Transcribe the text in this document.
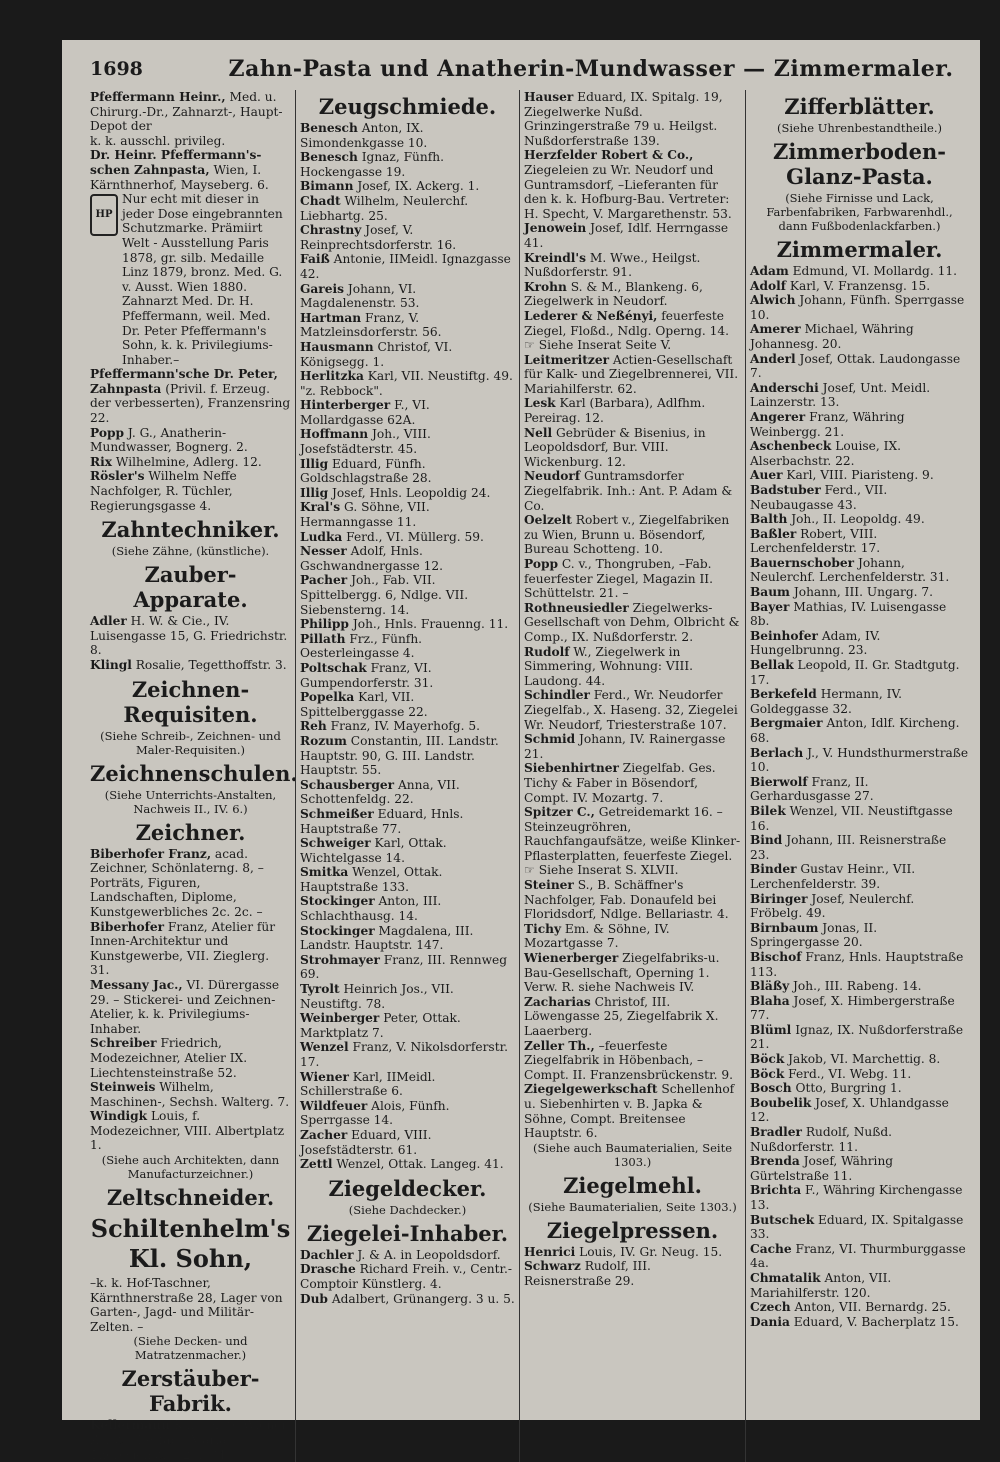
1698	Zahn-Pasta und Anatherin-Mundwasser — Zimmermaler.

Pfeffermann Heinr., Med. u. Chirurg.-Dr., Zahnarzt-, Haupt-Depot der

k. k. ausschl. privileg.

Dr. Heinr. Pfeffermann's-schen Zahnpasta, Wien, I. Kärnthnerhof, Mayseberg. 6.

HP
Nur echt mit dieser in jeder Dose eingebrannten Schutzmarke. Prämiirt Welt - Ausstellung Paris 1878, gr. silb. Medaille Linz 1879, bronz. Med. G. v. Ausst. Wien 1880. Zahnarzt Med. Dr. H. Pfeffermann, weil. Med. Dr. Peter Pfeffermann's Sohn, k. k. Privilegiums-Inhaber.–

Pfeffermann'sche Dr. Peter, Zahnpasta (Privil. f. Erzeug. der verbesserten), Franzensring 22.

Popp J. G., Anatherin-Mundwasser, Bognerg. 2.

Rix Wilhelmine, Adlerg. 12.

Rösler's Wilhelm Neffe Nachfolger, R. Tüchler, Regierungsgasse 4.

Zahntechniker.
(Siehe Zähne, (künstliche).
Zauber-Apparate.

Adler H. W. & Cie., IV. Luisengasse 15, G. Friedrichstr. 8.

Klingl Rosalie, Tegetthoffstr. 3.

Zeichnen-Requisiten.
(Siehe Schreib-, Zeichnen- und Maler-Requisiten.)
Zeichnenschulen.
(Siehe Unterrichts-Anstalten, Nachweis II., IV. 6.)
Zeichner.

Biberhofer Franz, acad. Zeichner, Schönlaterng. 8, –Porträts, Figuren, Landschaften, Diplome, Kunstgewerbliches 2c. 2c. –

Biberhofer Franz, Atelier für Innen-Architektur und Kunstgewerbe, VII. Zieglerg. 31.

Messany Jac., VI. Dürergasse 29. – Stickerei- und Zeichnen-Atelier, k. k. Privilegiums-Inhaber.

Schreiber Friedrich, Modezeichner, Atelier IX. Liechtensteinstraße 52.

Steinweis Wilhelm, Maschinen-, Sechsh. Walterg. 7.

Windigk Louis, f. Modezeichner, VIII. Albertplatz 1.

(Siehe auch Architekten, dann Manufacturzeichner.)
Zeltschneider.
Schiltenhelm's Kl. Sohn,

–k. k. Hof-Taschner, Kärnthnerstraße 28, Lager von Garten-, Jagd- und Militär-Zelten. –

(Siehe Decken- und Matratzenmacher.)
Zerstäuber-Fabrik.

Kellermann Karl, erste Wiener Zerstäuberfab., Maria-Theresienstr. 32 u. 34.

Zeugschmiede.

Benesch Anton, IX. Simondenkgasse 10.

Benesch Ignaz, Fünfh. Hockengasse 19.

Bimann Josef, IX. Ackerg. 1.

Chadt Wilhelm, Neulerchf. Liebhartg. 25.

Chrastny Josef, V. Reinprechtsdorferstr. 16.

Faiß Antonie, IIMeidl. Ignazgasse 42.

Gareis Johann, VI. Magdalenenstr. 53.

Hartman Franz, V. Matzleinsdorferstr. 56.

Hausmann Christof, VI. Königsegg. 1.

Herlitzka Karl, VII. Neustiftg. 49. "z. Rebbock".

Hinterberger F., VI. Mollardgasse 62A.

Hoffmann Joh., VIII. Josefstädterstr. 45.

Illig Eduard, Fünfh. Goldschlagstraße 28.

Illig Josef, Hnls. Leopoldig 24.

Kral's G. Söhne, VII. Hermanngasse 11.

Ludka Ferd., VI. Müllerg. 59.

Nesser Adolf, Hnls. Gschwandnergasse 12.

Pacher Joh., Fab. VII. Spittelbergg. 6, Ndlge. VII. Siebensterng. 14.

Philipp Joh., Hnls. Frauenng. 11.

Pillath Frz., Fünfh. Oesterleingasse 4.

Poltschak Franz, VI. Gumpendorferstr. 31.

Popelka Karl, VII. Spittelberggasse 22.

Reh Franz, IV. Mayerhofg. 5.

Rozum Constantin, III. Landstr. Hauptstr. 90, G. III. Landstr. Hauptstr. 55.

Schausberger Anna, VII. Schottenfeldg. 22.

Schmeißer Eduard, Hnls. Hauptstraße 77.

Schweiger Karl, Ottak. Wichtelgasse 14.

Smitka Wenzel, Ottak. Hauptstraße 133.

Stockinger Anton, III. Schlachthausg. 14.

Stockinger Magdalena, III. Landstr. Hauptstr. 147.

Strohmayer Franz, III. Rennweg 69.

Tyrolt Heinrich Jos., VII. Neustiftg. 78.

Weinberger Peter, Ottak. Marktplatz 7.

Wenzel Franz, V. Nikolsdorferstr. 17.

Wiener Karl, IIMeidl. Schillerstraße 6.

Wildfeuer Alois, Fünfh. Sperrgasse 14.

Zacher Eduard, VIII. Josefstädterstr. 61.

Zettl Wenzel, Ottak. Langeg. 41.

Ziegeldecker.
(Siehe Dachdecker.)
Ziegelei-Inhaber.

Dachler J. & A. in Leopoldsdorf.

Drasche Richard Freih. v., Centr.-Comptoir Künstlerg. 4.

Dub Adalbert, Grünangerg. 3 u. 5.

Hauser Eduard, IX. Spitalg. 19, Ziegelwerke Nußd. Grinzingerstraße 79 u. Heilgst. Nußdorferstraße 139.

Herzfelder Robert & Co., Ziegeleien zu Wr. Neudorf und Guntramsdorf, –Lieferanten für den k. k. Hofburg-Bau. Vertreter: H. Specht, V. Margarethenstr. 53.

Jenowein Josef, Idlf. Herrngasse 41.

Kreindl's M. Wwe., Heilgst. Nußdorferstr. 91.

Krohn S. & M., Blankeng. 6, Ziegelwerk in Neudorf.

Lederer & Neßényi, feuerfeste Ziegel, Floßd., Ndlg. Operng. 14.

☞ Siehe Inserat Seite V.

Leitmeritzer Actien-Gesellschaft für Kalk- und Ziegelbrennerei, VII. Mariahilferstr. 62.

Lesk Karl (Barbara), Adlfhm. Pereirag. 12.

Nell Gebrüder & Bisenius, in Leopoldsdorf, Bur. VIII. Wickenburg. 12.

Neudorf Guntramsdorfer Ziegelfabrik. Inh.: Ant. P. Adam & Co.

Oelzelt Robert v., Ziegelfabriken zu Wien, Brunn u. Bösendorf, Bureau Schotteng. 10.

Popp C. v., Thongruben, –Fab. feuerfester Ziegel, Magazin II. Schüttelstr. 21. –

Rothneusiedler Ziegelwerks-Gesellschaft von Dehm, Olbricht & Comp., IX. Nußdorferstr. 2.

Rudolf W., Ziegelwerk in Simmering, Wohnung: VIII. Laudong. 44.

Schindler Ferd., Wr. Neudorfer Ziegelfab., X. Haseng. 32, Ziegelei Wr. Neudorf, Triesterstraße 107.

Schmid Johann, IV. Rainergasse 21.

Siebenhirtner Ziegelfab. Ges. Tichy & Faber in Bösendorf, Compt. IV. Mozartg. 7.

Spitzer C., Getreidemarkt 16. –Steinzeugröhren, Rauchfangaufsätze, weiße Klinker-Pflasterplatten, feuerfeste Ziegel.

☞ Siehe Inserat S. XLVII.

Steiner S., B. Schäffner's Nachfolger, Fab. Donaufeld bei Floridsdorf, Ndlge. Bellariastr. 4.

Tichy Em. & Söhne, IV. Mozartgasse 7.

Wienerberger Ziegelfabriks-u. Bau-Gesellschaft, Operning 1. Verw. R. siehe Nachweis IV.

Zacharias Christof, III. Löwengasse 25, Ziegelfabrik X. Laaerberg.

Zeller Th., –feuerfeste Ziegelfabrik in Höbenbach, – Compt. II. Franzensbrückenstr. 9.

Ziegelgewerkschaft Schellenhof u. Siebenhirten v. B. Japka & Söhne, Compt. Breitensee Hauptstr. 6.

(Siehe auch Baumaterialien, Seite 1303.)
Ziegelmehl.
(Siehe Baumaterialien, Seite 1303.)
Ziegelpressen.

Henrici Louis, IV. Gr. Neug. 15.

Schwarz Rudolf, III. Reisnerstraße 29.

Zifferblätter.
(Siehe Uhrenbestandtheile.)
Zimmerboden-Glanz-Pasta.
(Siehe Firnisse und Lack, Farbenfabriken, Farbwarenhdl., dann Fußbodenlackfarben.)
Zimmermaler.

Adam Edmund, VI. Mollardg. 11.

Adolf Karl, V. Franzensg. 15.

Alwich Johann, Fünfh. Sperrgasse 10.

Amerer Michael, Währing Johannesg. 20.

Anderl Josef, Ottak. Laudongasse 7.

Anderschi Josef, Unt. Meidl. Lainzerstr. 13.

Angerer Franz, Währing Weinbergg. 21.

Aschenbeck Louise, IX. Alserbachstr. 22.

Auer Karl, VIII. Piaristeng. 9.

Badstuber Ferd., VII. Neubaugasse 43.

Balth Joh., II. Leopoldg. 49.

Baßler Robert, VIII. Lerchenfelderstr. 17.

Bauernschober Johann, Neulerchf. Lerchenfelderstr. 31.

Baum Johann, III. Ungarg. 7.

Bayer Mathias, IV. Luisengasse 8b.

Beinhofer Adam, IV. Hungelbrunng. 23.

Bellak Leopold, II. Gr. Stadtgutg. 17.

Berkefeld Hermann, IV. Goldeggasse 32.

Bergmaier Anton, Idlf. Kircheng. 68.

Berlach J., V. Hundsthurmerstraße 10.

Bierwolf Franz, II. Gerhardusgasse 27.

Bilek Wenzel, VII. Neustiftgasse 16.

Bind Johann, III. Reisnerstraße 23.

Binder Gustav Heinr., VII. Lerchenfelderstr. 39.

Biringer Josef, Neulerchf. Fröbelg. 49.

Birnbaum Jonas, II. Springergasse 20.

Bischof Franz, Hnls. Hauptstraße 113.

Bläßy Joh., III. Rabeng. 14.

Blaha Josef, X. Himbergerstraße 77.

Blüml Ignaz, IX. Nußdorferstraße 21.

Böck Jakob, VI. Marchettig. 8.

Böck Ferd., VI. Webg. 11.

Bosch Otto, Burgring 1.

Boubelik Josef, X. Uhlandgasse 12.

Bradler Rudolf, Nußd. Nußdorferstr. 11.

Brenda Josef, Währing Gürtelstraße 11.

Brichta F., Währing Kirchengasse 13.

Butschek Eduard, IX. Spitalgasse 33.

Cache Franz, VI. Thurmburggasse 4a.

Chmatalik Anton, VII. Mariahilferstr. 120.

Czech Anton, VII. Bernardg. 25.

Dania Eduard, V. Bacherplatz 15.
